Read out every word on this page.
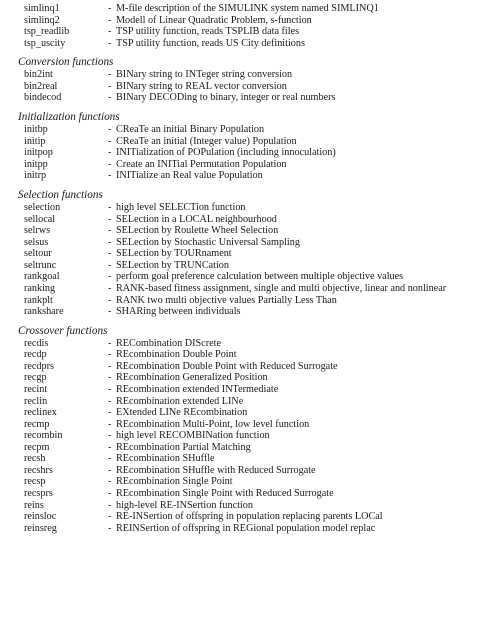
simlinq1	- M-file description of the SIMULINK system named SIMLINQ1
simlinq2	- Modell of Linear Quadratic Problem, s-function
tsp_readlib	- TSP utility function, reads TSPLIB data files
tsp_uscity	- TSP utility function, reads US City definitions
Conversion functions
bin2int	- BINary string to INTeger string conversion
bin2real	- BINary string to REAL vector conversion
bindecod	- BINary DECODing to binary, integer or real numbers
Initialization functions
initbp	- CReaTe an initial Binary Population
initip	- CReaTe an initial (Integer value) Population
initpop	- INITialization of POPulation (including innoculation)
initpp	- Create an INITial Permutation Population
initrp	- INITialize an Real value Population
Selection functions
selection	- high level SELECTion function
sellocal	- SELection in a LOCAL neighbourhood
selrws	- SELection by Roulette Wheel Selection
selsus	- SELection by Stochastic Universal Sampling
seltour	- SELection by TOURnament
seltrunc	- SELection by TRUNCation
rankgoal	- perform goal preference calculation between multiple objective values
ranking	- RANK-based fitness assignment, single and multi objective, linear and nonlinear
rankplt	- RANK two multi objective values Partially Less Than
rankshare	- SHARing between individuals
Crossover functions
recdis	- RECombination DIScrete
recdp	- REcombination Double Point
recdprs	- REcombination Double Point with Reduced Surrogate
recgp	- REcombination Generalized Position
recint	- REcombination extended INTermediate
reclin	- REcombination extended LINe
reclinex	- EXtended LINe REcombination
recmp	- REcombination Multi-Point, low level function
recombin	- high level RECOMBINation function
recpm	- REcombination Partial Matching
recsh	- REcombination SHuffle
recshrs	- REcombination SHuffle with Reduced Surrogate
recsp	- REcombination Single Point
recsprs	- REcombination Single Point with Reduced Surrogate
reins	- high-level RE-INSertion function
reinsloc	- RE-INSertion of offspring in population replacing parents LOCal
reinsreg	- REINSertion of offspring in REGional population model replac
